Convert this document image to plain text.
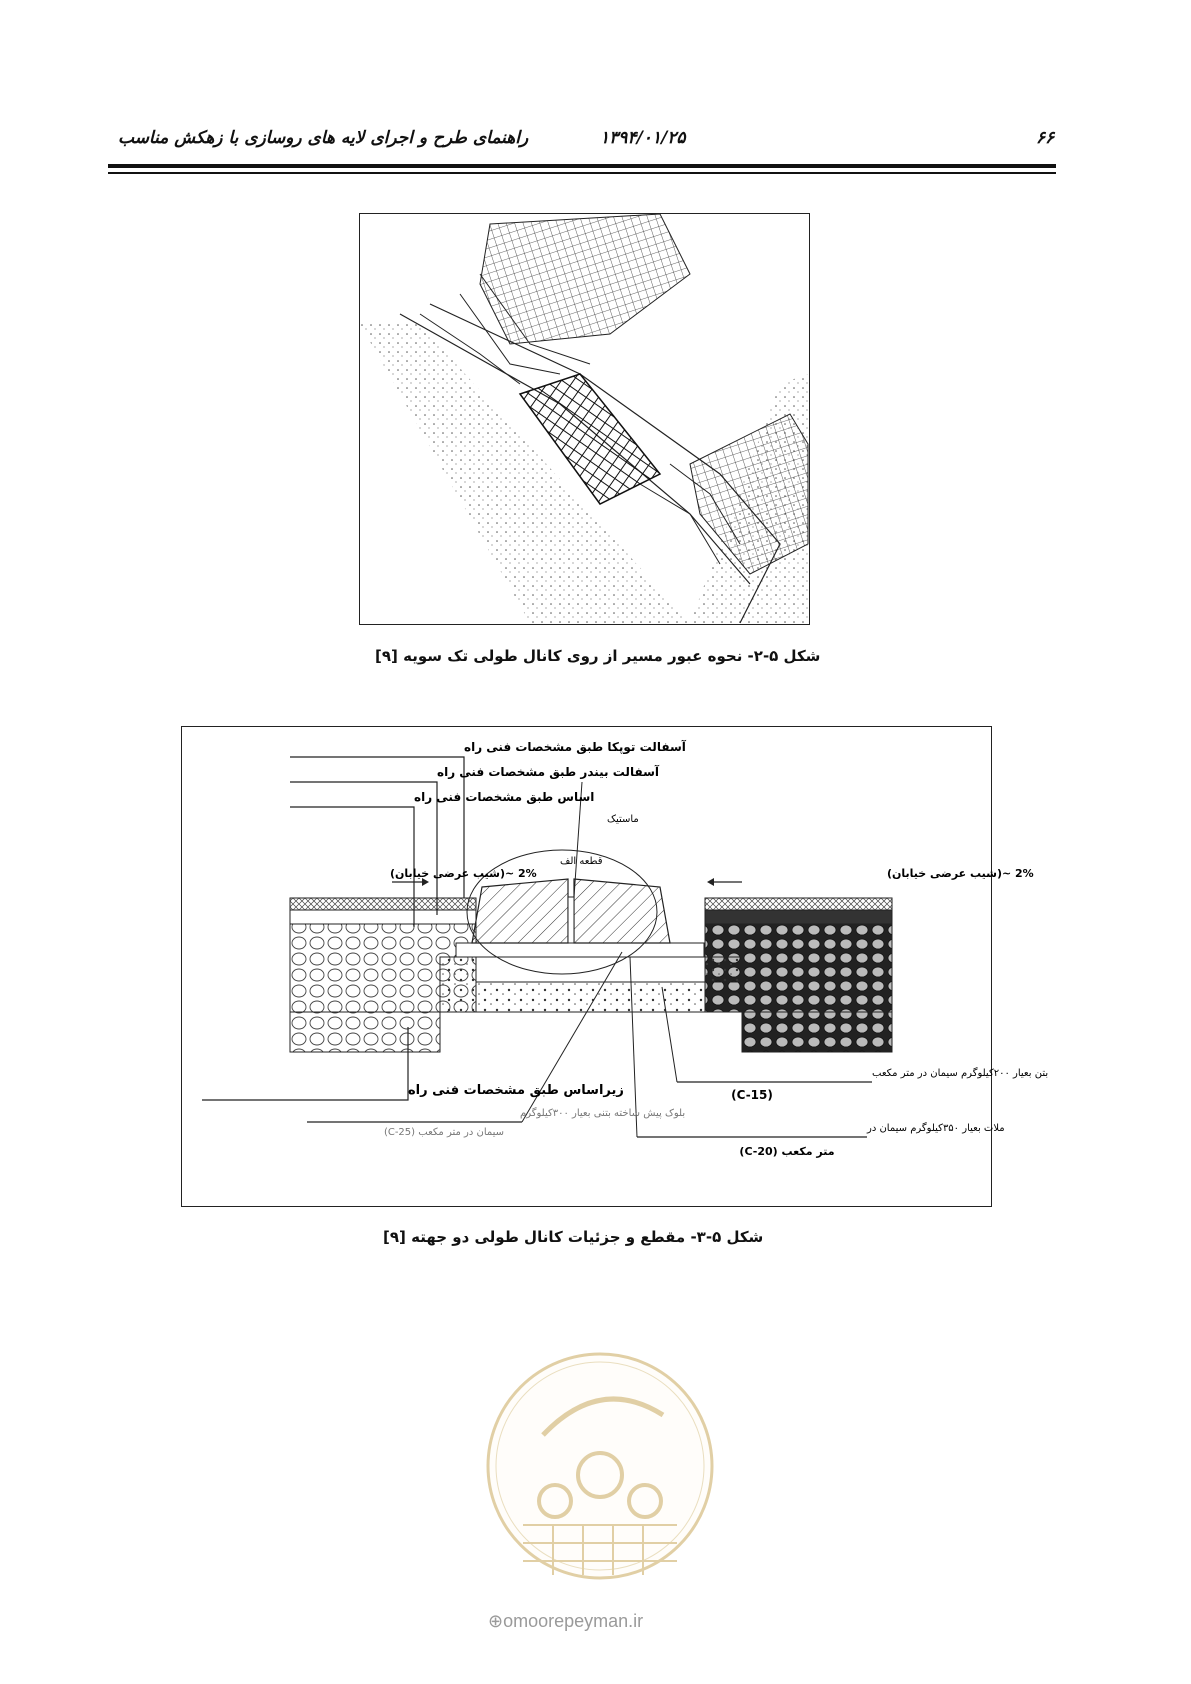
۶۶
۱۳۹۴/۰۱/۲۵
راهنمای طرح و اجرای لایه های روسازی با زهکش مناسب
شکل ۵-۲- نحوه عبور مسیر از روی کانال طولی تک سویه [۹]
آسفالت توپکا طبق مشخصات فنی راه
آسفالت بیندر طبق مشخصات فنی راه
اساس طبق مشخصات فنی راه
زیراساس طبق مشخصات فنی راه
2% ~(شیب عرضی خیابان)	2% ~(شیب عرضی خیابان)
ماستیک
قطعه الف
بتن بعیار ۲۰۰کیلوگرم سیمان در متر مکعب
(C-15)
ملات بعیار ۳۵۰کیلوگرم سیمان در
متر مکعب (C-20)
بلوک پیش ساخته بتنی بعیار ۳۰۰کیلوگرم
سیمان در متر مکعب (C-25)
شکل ۵-۳- مقطع و جزئیات کانال طولی دو جهته [۹]
⊕omoorepeyman.ir
